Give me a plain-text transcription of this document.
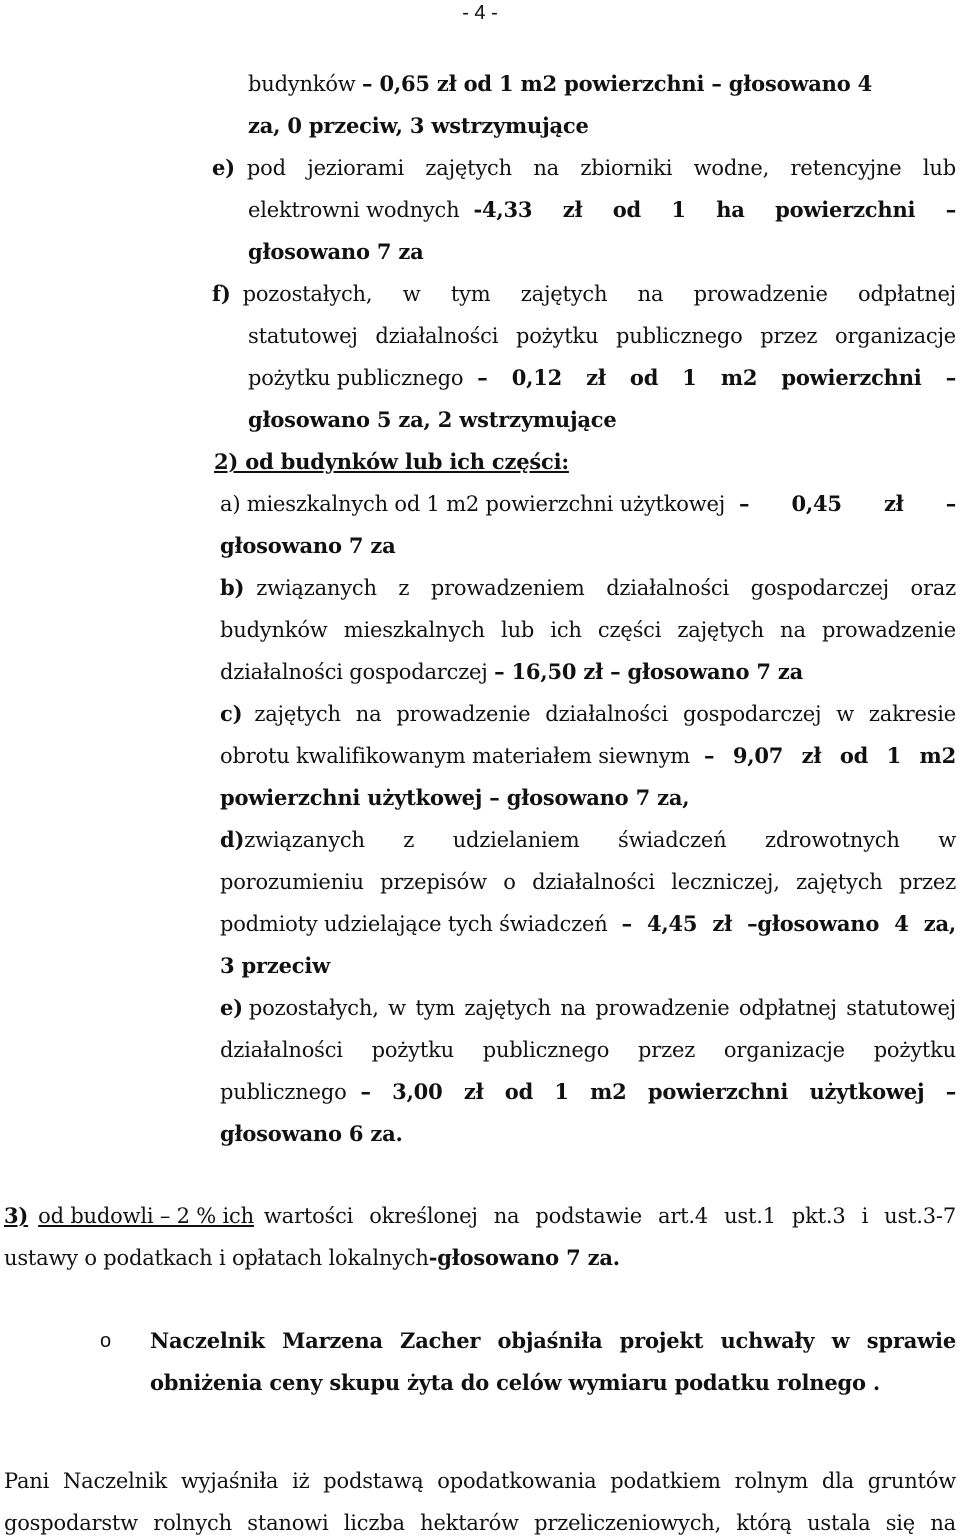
- 4 -
budynków – 0,65 zł od 1 m2 powierzchni – głosowano 4
za, 0 przeciw, 3 wstrzymujące
e) pod jeziorami zajętych na zbiorniki wodne, retencyjne lub
elektrowni wodnych -4,33 zł od 1 ha powierzchni –
głosowano 7 za
f) pozostałych, w tym zajętych na prowadzenie odpłatnej
statutowej działalności pożytku publicznego przez organizacje
pożytku publicznego – 0,12 zł od 1 m2 powierzchni –
głosowano 5 za, 2 wstrzymujące
2) od budynków lub ich części:
a) mieszkalnych od 1 m2 powierzchni użytkowej – 0,45 zł –
głosowano 7 za
b) związanych z prowadzeniem działalności gospodarczej oraz
budynków mieszkalnych lub ich części zajętych na prowadzenie
działalności gospodarczej – 16,50 zł – głosowano 7 za
c) zajętych na prowadzenie działalności gospodarczej w zakresie
obrotu kwalifikowanym materiałem siewnym – 9,07 zł od 1 m2
powierzchni użytkowej – głosowano 7 za,
d) związanych z udzielaniem świadczeń zdrowotnych w
porozumieniu przepisów o działalności leczniczej, zajętych przez
podmioty udzielające tych świadczeń – 4,45 zł –głosowano 4 za,
3 przeciw
e) pozostałych, w tym zajętych na prowadzenie odpłatnej statutowej
działalności pożytku publicznego przez organizacje pożytku
publicznego – 3,00 zł od 1 m2 powierzchni użytkowej –
głosowano 6 za.
3) od budowli – 2 % ich wartości określonej na podstawie art.4 ust.1 pkt.3 i ust.3-7
ustawy o podatkach i opłatach lokalnych-głosowano 7 za.
o Naczelnik Marzena Zacher objaśniła projekt uchwały w sprawie
obniżenia ceny skupu żyta do celów wymiaru podatku rolnego .
Pani Naczelnik wyjaśniła iż podstawą opodatkowania podatkiem rolnym dla gruntów
gospodarstw rolnych stanowi liczba hektarów przeliczeniowych, którą ustala się na
